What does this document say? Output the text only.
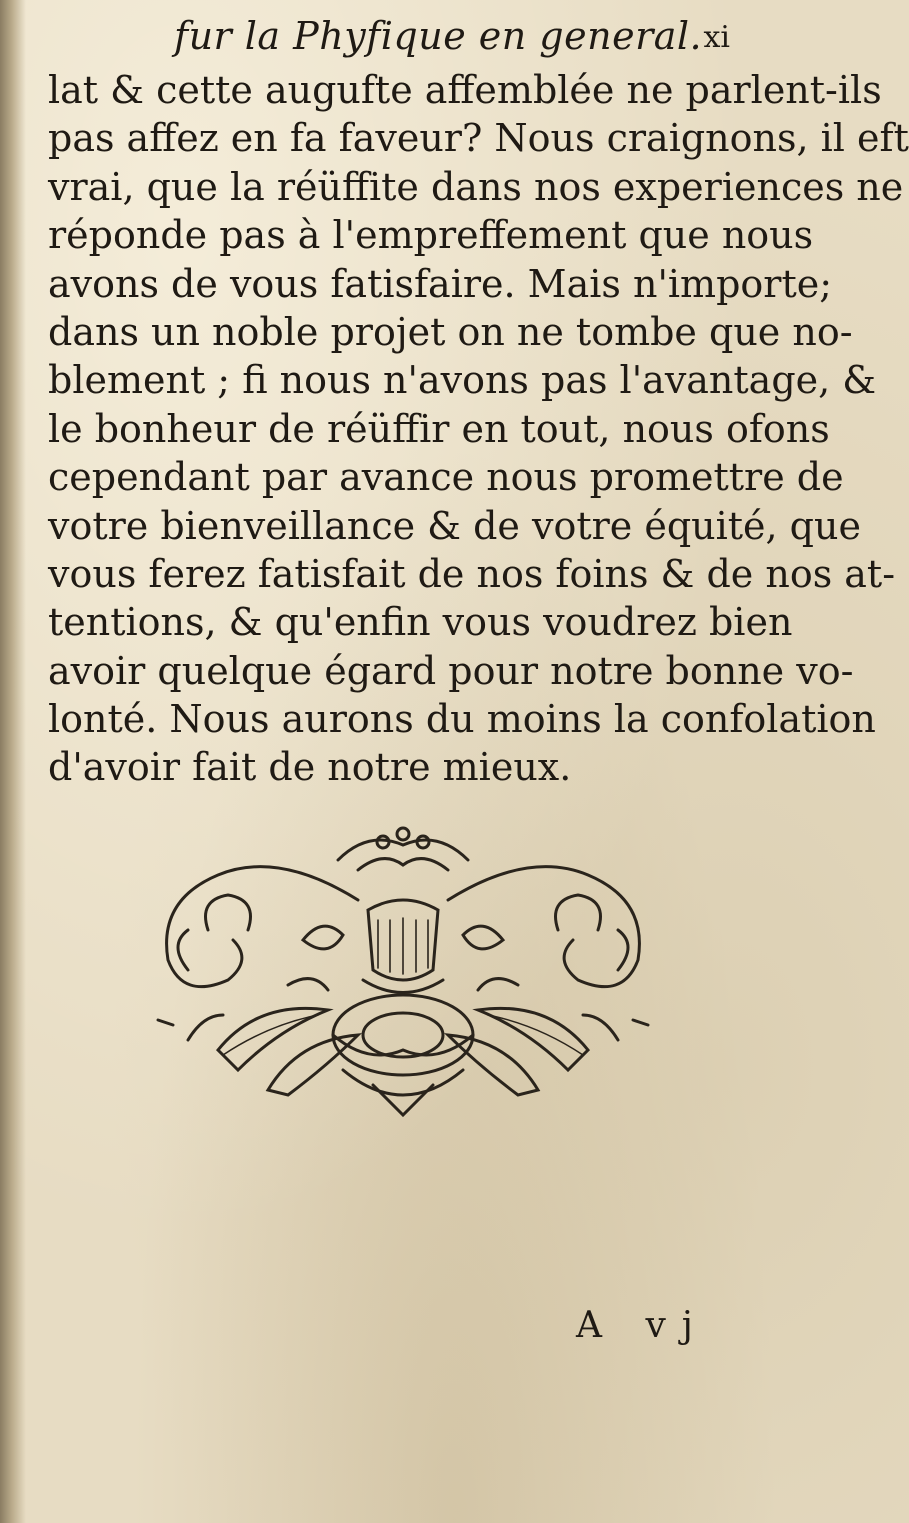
fur la Phyfique en general. xi
lat & cette augufte affemblée ne parlent-ils
pas affez en fa faveur? Nous craignons, il eft
vrai, que la réüffite dans nos experiences ne
réponde pas à l'empreffement que nous
avons de vous fatisfaire. Mais n'importe;
dans un noble projet on ne tombe que no-
blement ; fi nous n'avons pas l'avantage, &
le bonheur de réüffir en tout, nous ofons
cependant par avance nous promettre de
votre bienveillance & de votre équité, que
vous ferez fatisfait de nos foins & de nos at-
tentions, & qu'enfin vous voudrez bien
avoir quelque égard pour notre bonne vo-
lonté. Nous aurons du moins la confolation
d'avoir fait de notre mieux.
A vj
